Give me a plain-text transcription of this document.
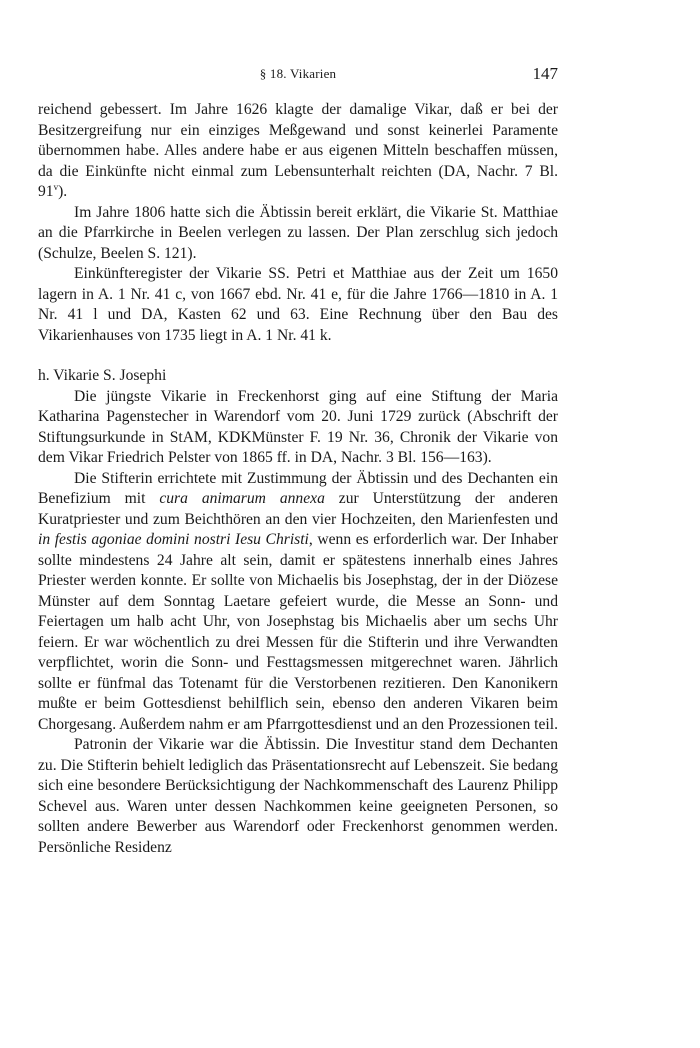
§ 18. Vikarien	147

reichend gebessert. Im Jahre 1626 klagte der damalige Vikar, daß er bei der Besitzergreifung nur ein einziges Meßgewand und sonst keinerlei Paramente übernommen habe. Alles andere habe er aus eigenen Mitteln beschaffen müssen, da die Einkünfte nicht einmal zum Lebensunterhalt reichten (DA, Nachr. 7 Bl. 91$^v$).

Im Jahre 1806 hatte sich die Äbtissin bereit erklärt, die Vikarie St. Matthiae an die Pfarrkirche in Beelen verlegen zu lassen. Der Plan zerschlug sich jedoch (Schulze, Beelen S. 121).

Einkünfteregister der Vikarie SS. Petri et Matthiae aus der Zeit um 1650 lagern in A. 1 Nr. 41 c, von 1667 ebd. Nr. 41 e, für die Jahre 1766—1810 in A. 1 Nr. 41 l und DA, Kasten 62 und 63. Eine Rechnung über den Bau des Vikarienhauses von 1735 liegt in A. 1 Nr. 41 k.

h. Vikarie S. Josephi

Die jüngste Vikarie in Freckenhorst ging auf eine Stiftung der Maria Katharina Pagenstecher in Warendorf vom 20. Juni 1729 zurück (Abschrift der Stiftungsurkunde in StAM, KDKMünster F. 19 Nr. 36, Chronik der Vikarie von dem Vikar Friedrich Pelster von 1865 ff. in DA, Nachr. 3 Bl. 156—163).

Die Stifterin errichtete mit Zustimmung der Äbtissin und des Dechanten ein Benefizium mit cura animarum annexa zur Unterstützung der anderen Kuratpriester und zum Beichthören an den vier Hochzeiten, den Marienfesten und in festis agoniae domini nostri Iesu Christi, wenn es erforderlich war. Der Inhaber sollte mindestens 24 Jahre alt sein, damit er spätestens innerhalb eines Jahres Priester werden konnte. Er sollte von Michaelis bis Josephstag, der in der Diözese Münster auf dem Sonntag Laetare gefeiert wurde, die Messe an Sonn- und Feiertagen um halb acht Uhr, von Josephstag bis Michaelis aber um sechs Uhr feiern. Er war wöchentlich zu drei Messen für die Stifterin und ihre Verwandten verpflichtet, worin die Sonn- und Festtagsmessen mitgerechnet waren. Jährlich sollte er fünfmal das Totenamt für die Verstorbenen rezitieren. Den Kanonikern mußte er beim Gottesdienst behilflich sein, ebenso den anderen Vikaren beim Chorgesang. Außerdem nahm er am Pfarrgottesdienst und an den Prozessionen teil.

Patronin der Vikarie war die Äbtissin. Die Investitur stand dem Dechanten zu. Die Stifterin behielt lediglich das Präsentationsrecht auf Lebenszeit. Sie bedang sich eine besondere Berücksichtigung der Nachkommenschaft des Laurenz Philipp Schevel aus. Waren unter dessen Nachkommen keine geeigneten Personen, so sollten andere Bewerber aus Warendorf oder Freckenhorst genommen werden. Persönliche Residenz
